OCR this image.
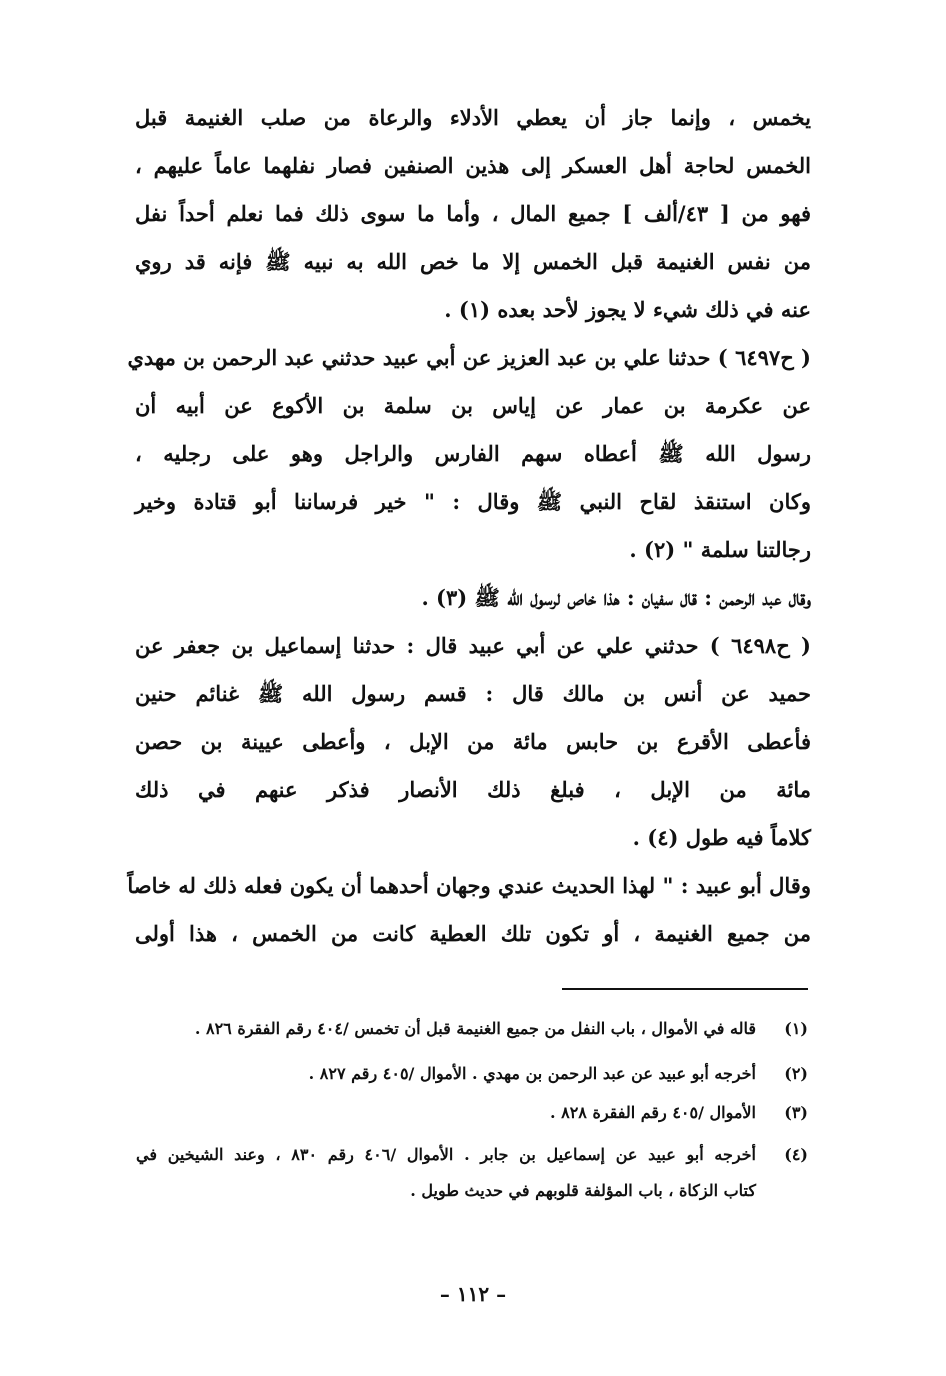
يخمس ، وإنما جاز أن يعطي الأدلاء والرعاة من صلب الغنيمة قبل
الخمس لحاجة أهل العسكر إلى هذين الصنفين فصار نفلهما عاماً عليهم ،
فهو من [ ٤٣/ألف ] جميع المال ، وأما ما سوى ذلك فما نعلم أحداً نفل
من نفس الغنيمة قبل الخمس إلا ما خص الله به نبيه ﷺ فإنه قد روي
عنه في ذلك شيء لا يجوز لأحد بعده (١) .
( ح٦٤٩٧ ) حدثنا علي بن عبد العزيز عن أبي عبيد حدثني عبد الرحمن بن مهدي
عن عكرمة بن عمار عن إياس بن سلمة بن الأكوع عن أبيه أن
رسول الله ﷺ أعطاه سهم الفارس والراجل وهو على رجليه ،
وكان استنقذ لقاح النبي ﷺ وقال : " خير فرساننا أبو قتادة وخير
رجالتنا سلمة " (٢) .
وقال عبد الرحمن : قال سفيان : هذا خاص لرسول الله ﷺ (٣) .
( ح٦٤٩٨ ) حدثني علي عن أبي عبيد قال : حدثنا إسماعيل بن جعفر عن
حميد عن أنس بن مالك قال : قسم رسول الله ﷺ غنائم حنين
فأعطى الأقرع بن حابس مائة من الإبل ، وأعطى عيينة بن حصن
مائة من الإبل ، فبلغ ذلك الأنصار فذكر عنهم في ذلك
كلاماً فيه طول (٤) .
وقال أبو عبيد : " لهذا الحديث عندي وجهان أحدهما أن يكون فعله ذلك له خاصاً
من جميع الغنيمة ، أو تكون تلك العطية كانت من الخمس ، هذا أولى
(١)
قاله في الأموال ، باب النفل من جميع الغنيمة قبل أن تخمس /٤٠٤ رقم الفقرة ٨٢٦ .
(٢)
أخرجه أبو عبيد عن عبد الرحمن بن مهدي . الأموال /٤٠٥ رقم ٨٢٧ .
(٣)
الأموال /٤٠٥ رقم الفقرة ٨٢٨ .
(٤)
أخرجه أبو عبيد عن إسماعيل بن جابر . الأموال /٤٠٦ رقم ٨٣٠ ، وعند الشيخين في
كتاب الزكاة ، باب المؤلفة قلوبهم في حديث طويل .
– ١١٢ –
